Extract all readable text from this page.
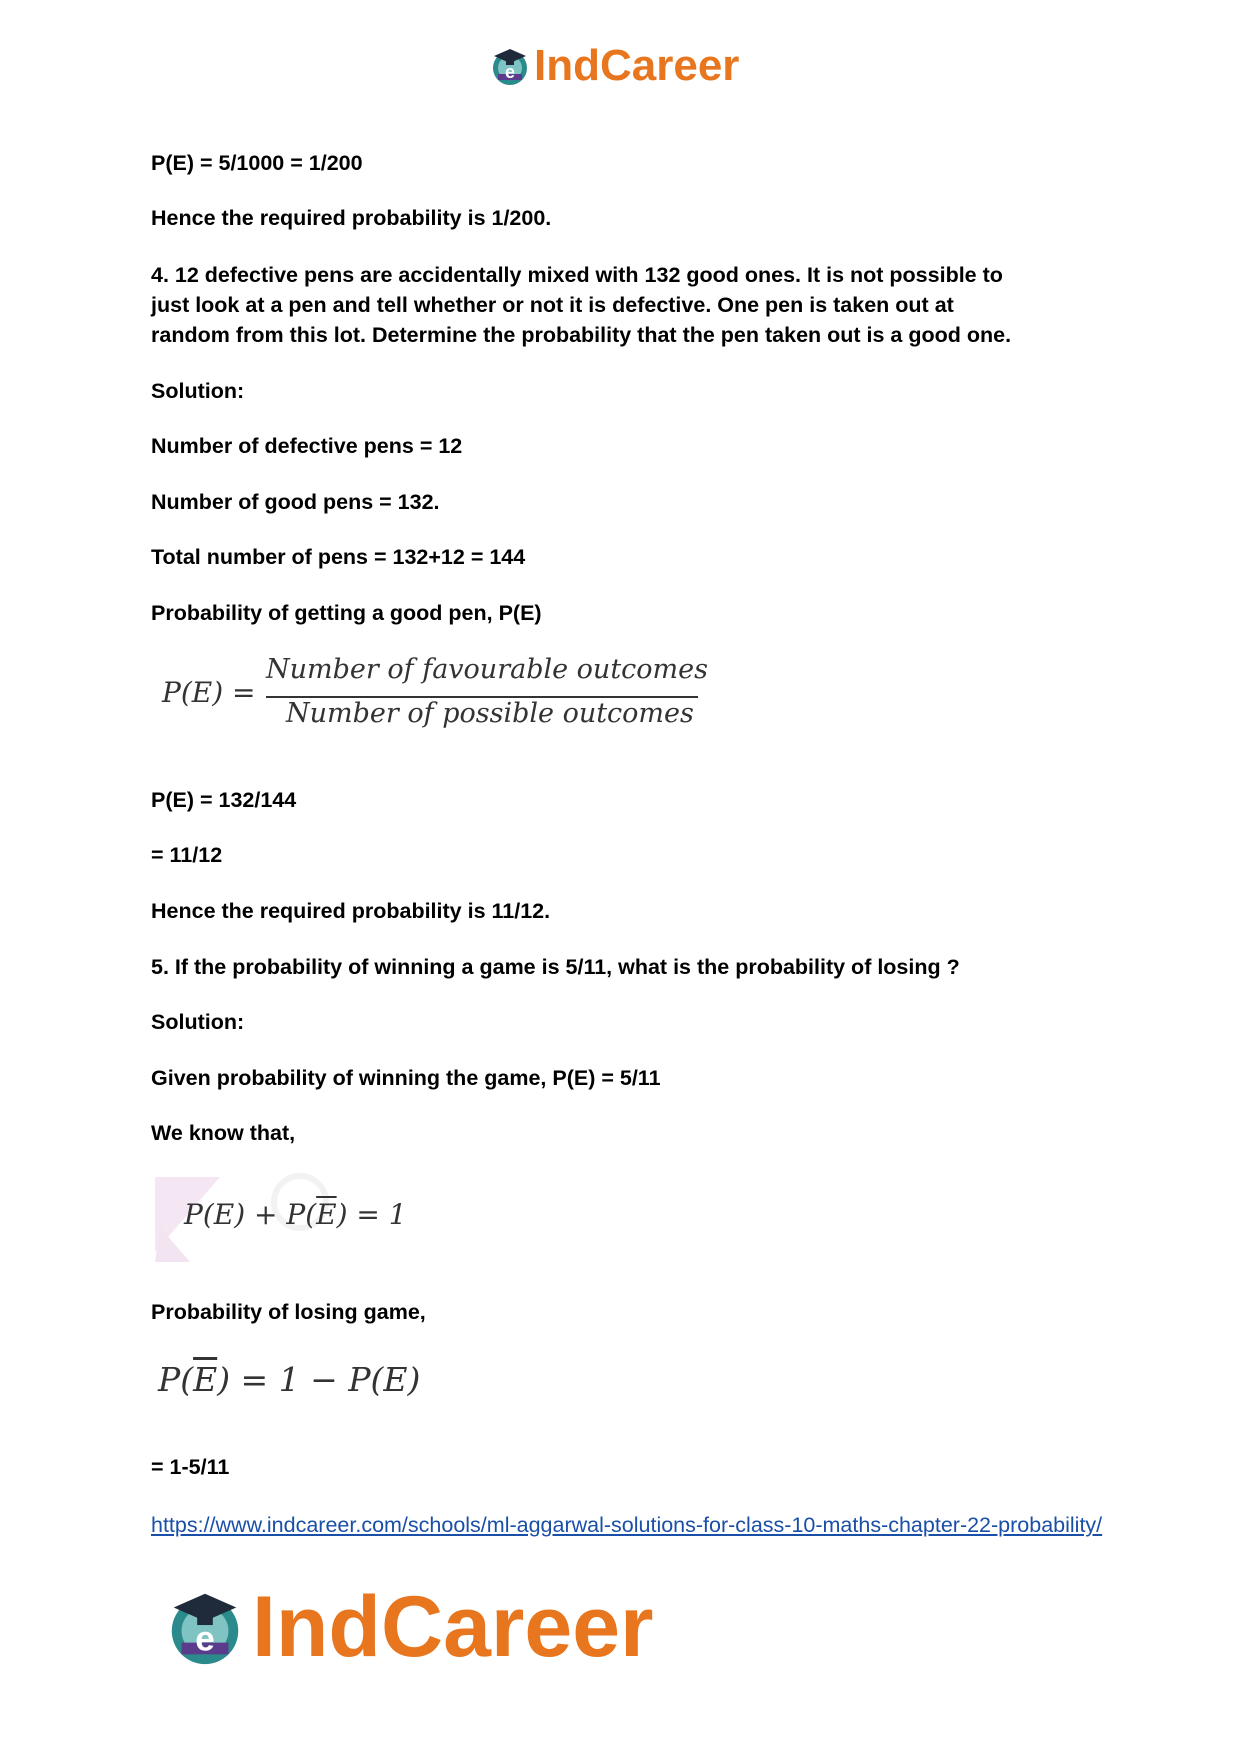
e IndCareer

P(E) = 5/1000 = 1/200

Hence the required probability is 1/200.

4. 12 defective pens are accidentally mixed with 132 good ones. It is not possible to
just look at a pen and tell whether or not it is defective. One pen is taken out at
random from this lot. Determine the probability that the pen taken out is a good one.

Solution:

Number of defective pens = 12

Number of good pens = 132.

Total number of pens = 132+12 = 144

Probability of getting a good pen, P(E)

P(E) =
Number of favourable outcomes
Number of possible outcomes

P(E) = 132/144

= 11/12

Hence the required probability is 11/12.

5. If the probability of winning a game is 5/11, what is the probability of losing ?

Solution:

Given probability of winning the game, P(E) = 5/11

We know that,

$P(E) + P(\overline{E}) = 1$

Probability of losing game,

$P(\overline{E}) = 1 - P(E)$

= 1-5/11

https://www.indcareer.com/schools/ml-aggarwal-solutions-for-class-10-maths-chapter-22-probability/
e IndCareer
